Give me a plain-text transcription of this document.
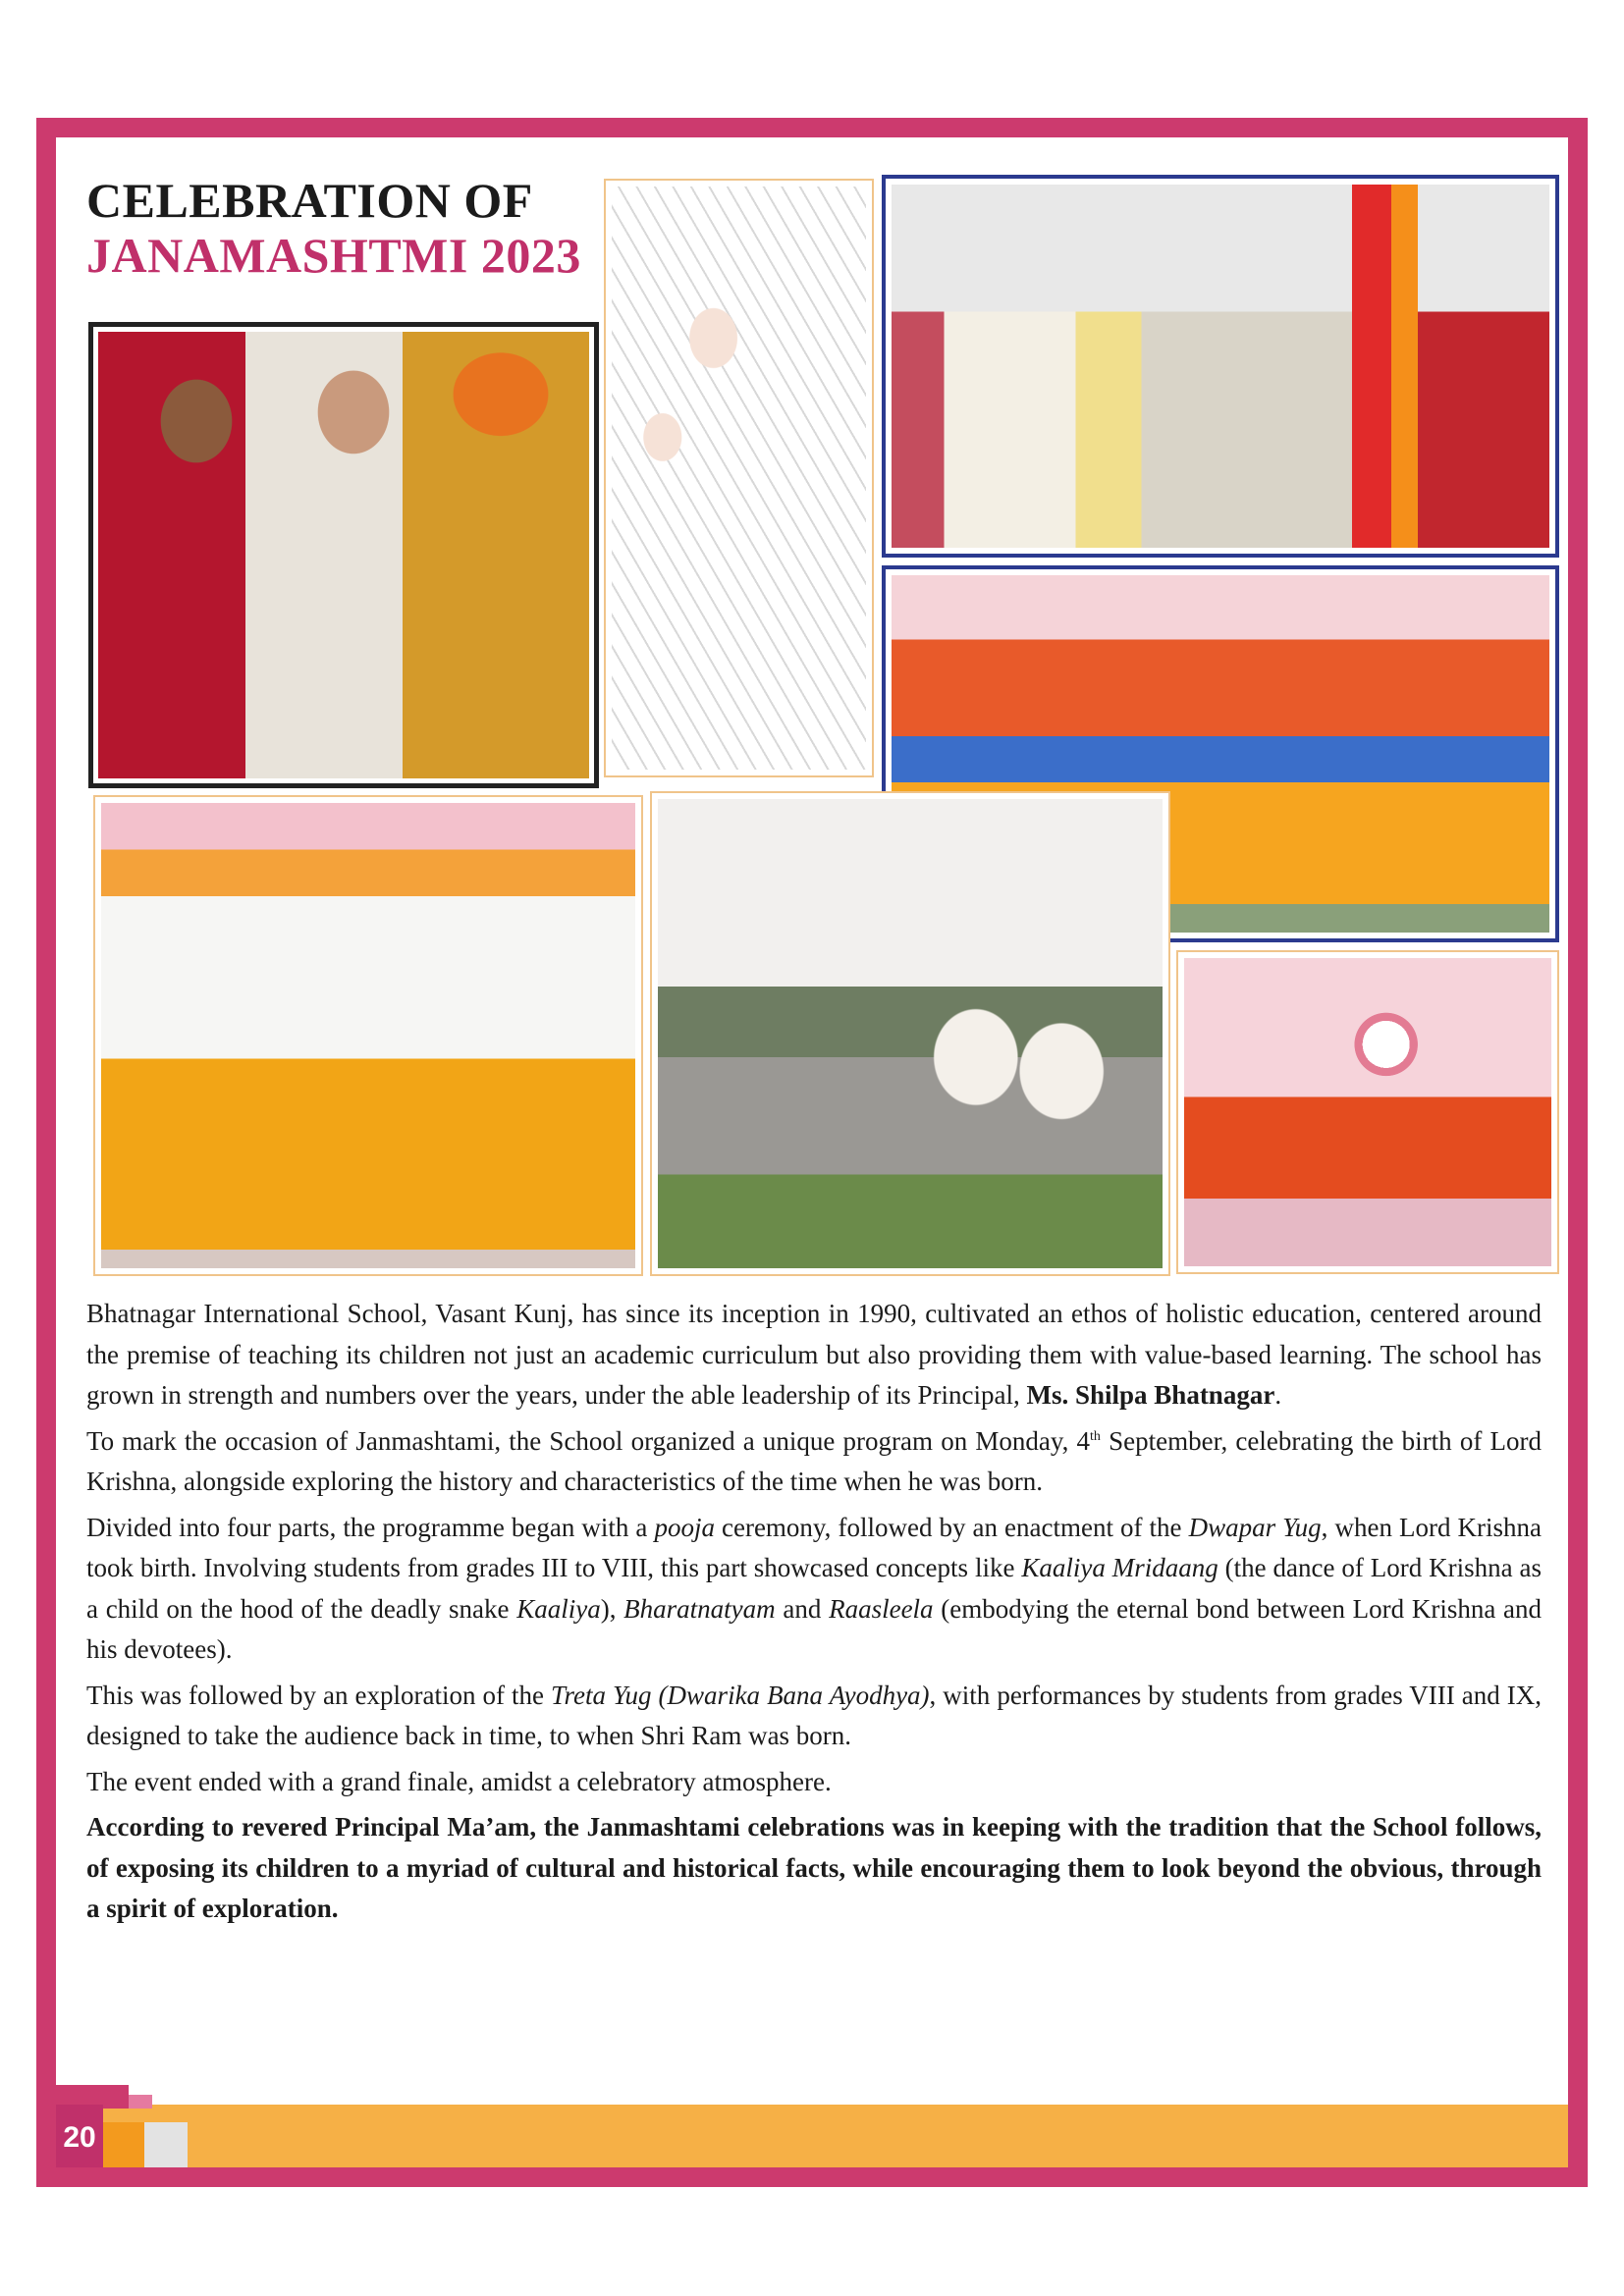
CELEBRATION OF
JANAMASHTMI 2023

Bhatnagar International School, Vasant Kunj, has since its inception in 1990, cultivated an ethos of holistic education, centered around the premise of teaching its children not just an academic curriculum but also providing them with value-based learning. The school has grown in strength and numbers over the years, under the able leadership of its Principal, Ms. Shilpa Bhatnagar.

To mark the occasion of Janmashtami, the School organized a unique program on Monday, 4th September, celebrating the birth of Lord Krishna, alongside exploring the history and characteristics of the time when he was born.

Divided into four parts, the programme began with a pooja ceremony, followed by an enactment of the Dwapar Yug, when Lord Krishna took birth. Involving students from grades III to VIII, this part showcased concepts like Kaaliya Mridaang (the dance of Lord Krishna as a child on the hood of the deadly snake Kaaliya), Bharatnatyam and Raasleela (embodying the eternal bond between Lord Krishna and his devotees).

This was followed by an exploration of the Treta Yug (Dwarika Bana Ayodhya), with performances by students from grades VIII and IX, designed to take the audience back in time, to when Shri Ram was born.

The event ended with a grand finale, amidst a celebratory atmosphere.

According to revered Principal Ma’am, the Janmashtami celebrations was in keeping with the tradition that the School follows, of exposing its children to a myriad of cultural and historical facts, while encouraging them to look beyond the obvious, through a spirit of exploration.

20
